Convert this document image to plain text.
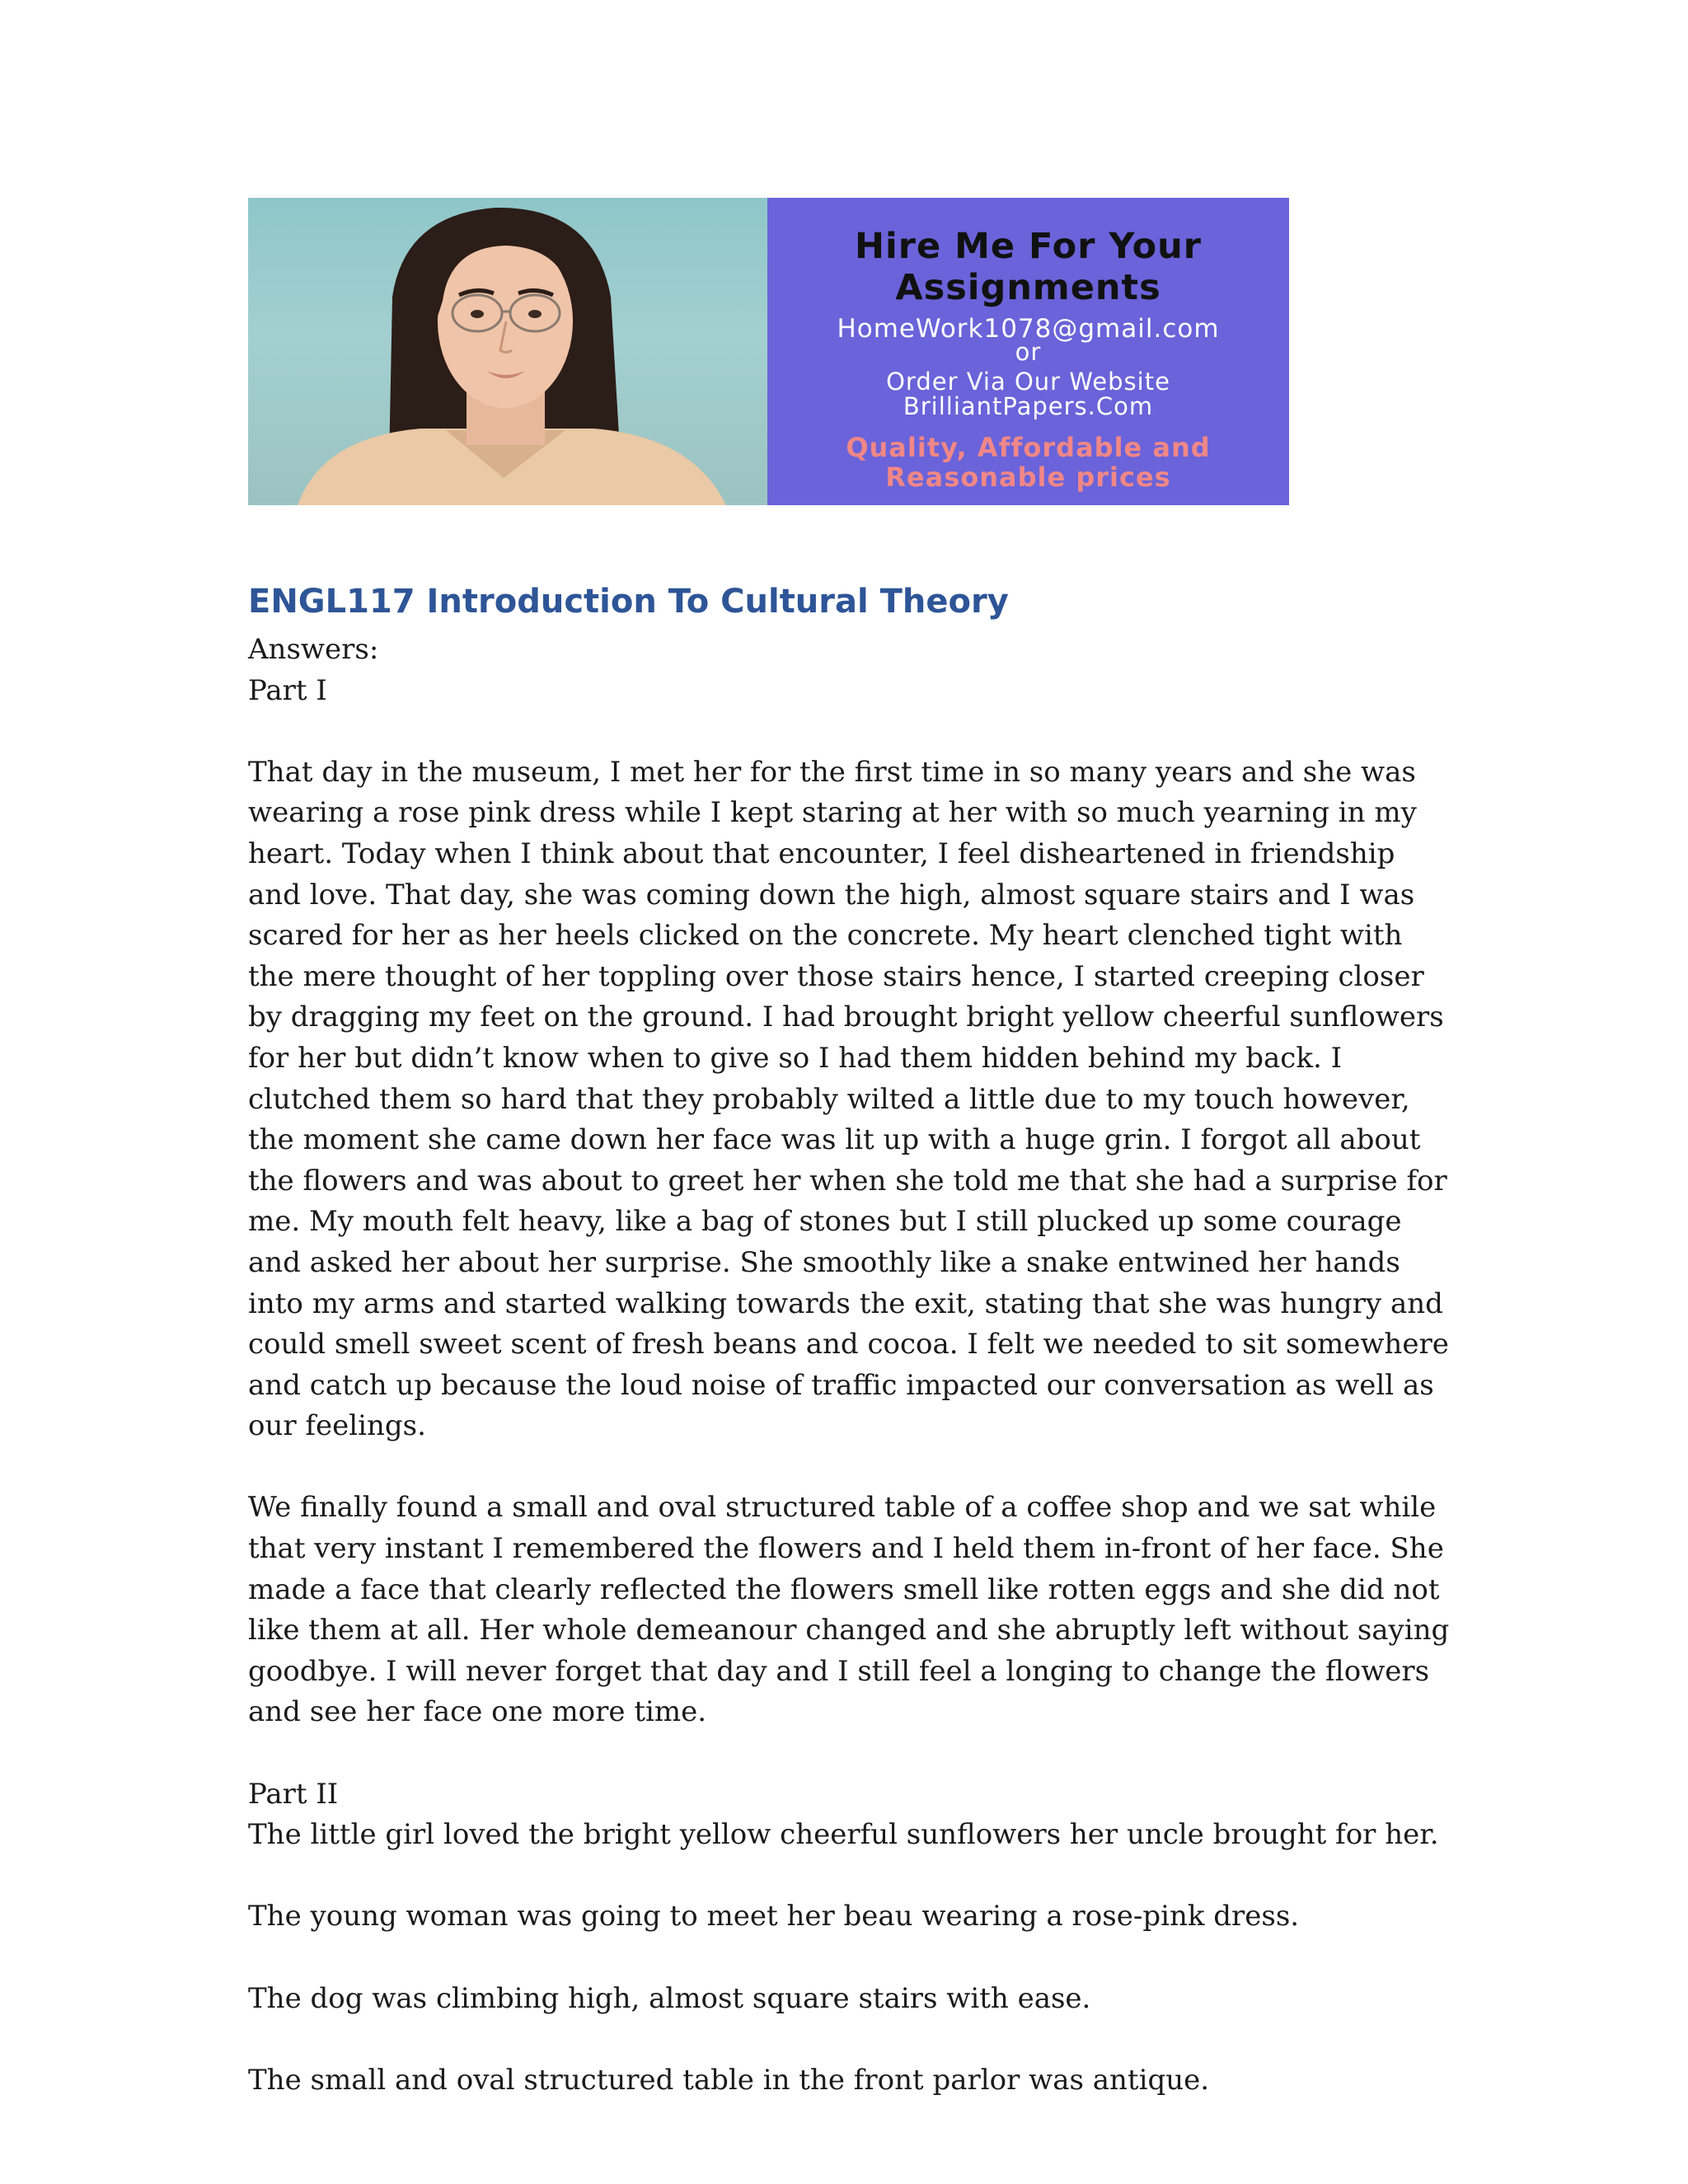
Hire Me For Your
Assignments
HomeWork1078@gmail.com
or
Order Via Our Website
BrilliantPapers.Com
Quality, Affordable and
Reasonable prices
ENGL117 Introduction To Cultural Theory

Answers:

Part I

That day in the museum, I met her for the first time in so many years and she was wearing a rose pink dress while I kept staring at her with so much yearning in my heart. Today when I think about that encounter, I feel disheartened in friendship and love. That day, she was coming down the high, almost square stairs and I was scared for her as her heels clicked on the concrete. My heart clenched tight with the mere thought of her toppling over those stairs hence, I started creeping closer by dragging my feet on the ground. I had brought bright yellow cheerful sunflowers for her but didn’t know when to give so I had them hidden behind my back. I clutched them so hard that they probably wilted a little due to my touch however, the moment she came down her face was lit up with a huge grin. I forgot all about the flowers and was about to greet her when she told me that she had a surprise for me. My mouth felt heavy, like a bag of stones but I still plucked up some courage and asked her about her surprise. She smoothly like a snake entwined her hands into my arms and started walking towards the exit, stating that she was hungry and could smell sweet scent of fresh beans and cocoa. I felt we needed to sit somewhere and catch up because the loud noise of traffic impacted our conversation as well as our feelings.

We finally found a small and oval structured table of a coffee shop and we sat while that very instant I remembered the flowers and I held them in-front of her face. She made a face that clearly reflected the flowers smell like rotten eggs and she did not like them at all. Her whole demeanour changed and she abruptly left without saying goodbye. I will never forget that day and I still feel a longing to change the flowers and see her face one more time.

Part II

The little girl loved the bright yellow cheerful sunflowers her uncle brought for her.

The young woman was going to meet her beau wearing a rose-pink dress.

The dog was climbing high, almost square stairs with ease.

The small and oval structured table in the front parlor was antique.
